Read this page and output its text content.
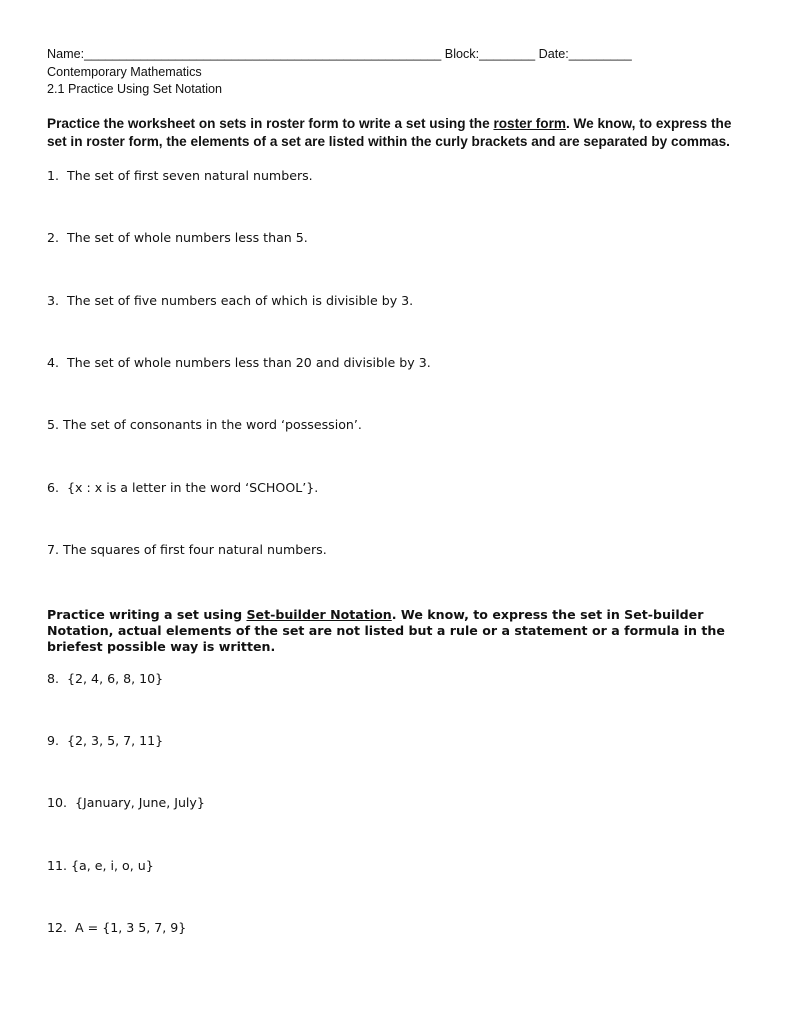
Name:___________________________________________________ Block:________ Date:_________
Contemporary Mathematics
2.1 Practice Using Set Notation
Practice the worksheet on sets in roster form to write a set using the roster form. We know, to express the set in roster form, the elements of a set are listed within the curly brackets and are separated by commas.
1.  The set of first seven natural numbers.
2.  The set of whole numbers less than 5.
3.  The set of five numbers each of which is divisible by 3.
4.  The set of whole numbers less than 20 and divisible by 3.
5. The set of consonants in the word ‘possession’.
6.  {x : x is a letter in the word ‘SCHOOL’}.
7. The squares of first four natural numbers.
Practice writing a set using Set-builder Notation. We know, to express the set in Set-builder Notation, actual elements of the set are not listed but a rule or a statement or a formula in the briefest possible way is written.
8.  {2, 4, 6, 8, 10}
9.  {2, 3, 5, 7, 11}
10.  {January, June, July}
11. {a, e, i, o, u}
12.  A = {1, 3 5, 7, 9}
